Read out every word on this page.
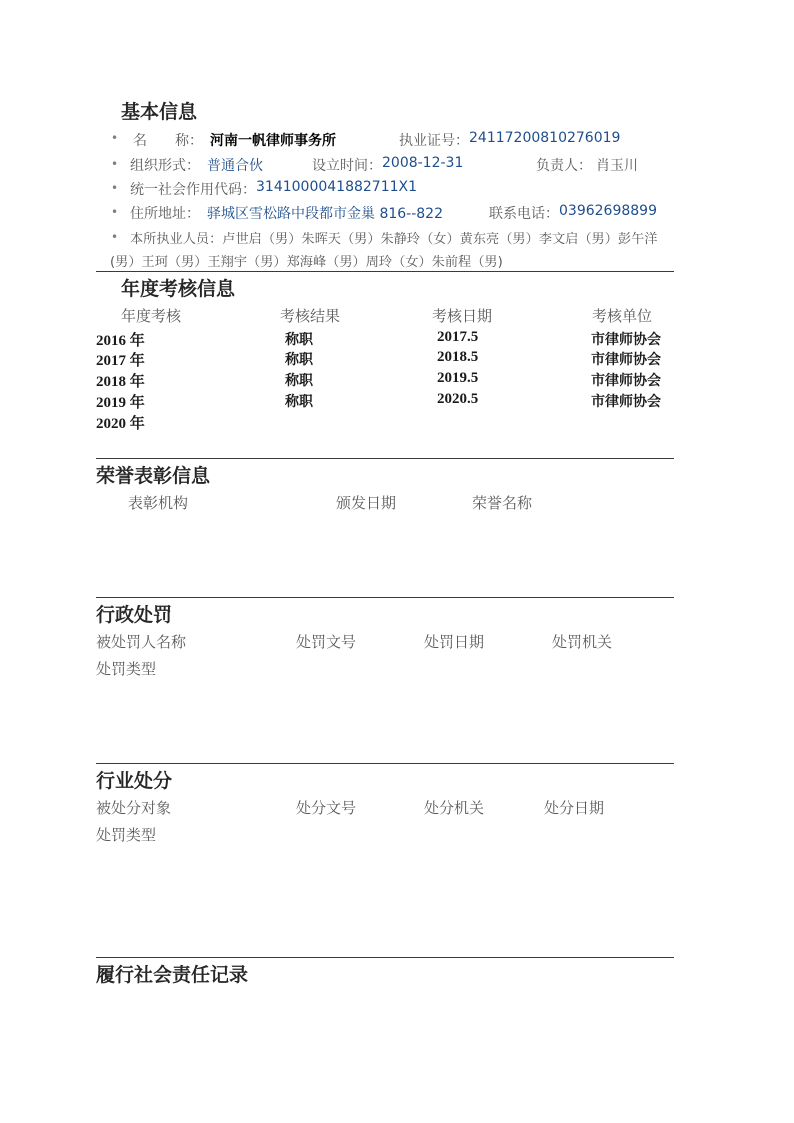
基本信息
• 名　　称： 河南一帆律师事务所	执业证号： 24117200810276019
• 组织形式： 普通合伙	设立时间： 2008-12-31	负责人： 肖玉川
• 统一社会作用代码： 3141000041882711X1
• 住所地址： 驿城区雪松路中段都市金巢 816--822	联系电话： 03962698899
• 本所执业人员：卢世启（男）朱晖天（男）朱静玲（女）黄东亮（男）李文启（男）彭午洋
(男）王珂（男）王翔宇（男）郑海峰（男）周玲（女）朱前程（男)
年度考核信息
年度考核	考核结果	考核日期	考核单位
2016 年	称职	2017.5	市律师协会
2017 年	称职	2018.5	市律师协会
2018 年	称职	2019.5	市律师协会
2019 年	称职	2020.5	市律师协会
2020 年
荣誉表彰信息
表彰机构	颁发日期	荣誉名称
行政处罚
被处罚人名称	处罚文号	处罚日期	处罚机关
处罚类型
行业处分
被处分对象	处分文号	处分机关	处分日期
处罚类型
履行社会责任记录
